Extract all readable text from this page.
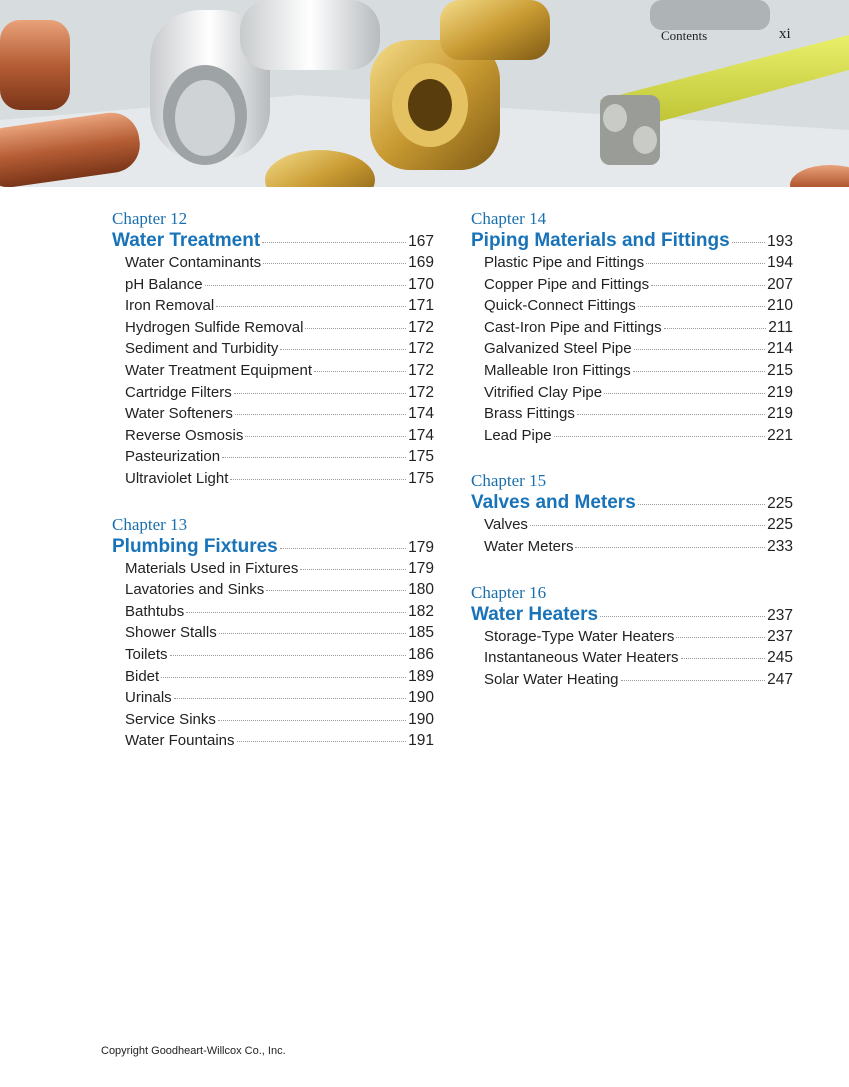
Contents	xi
Chapter 12
Water Treatment	167
Water Contaminants	169
pH Balance	170
Iron Removal	171
Hydrogen Sulfide Removal	172
Sediment and Turbidity	172
Water Treatment Equipment	172
Cartridge Filters	172
Water Softeners	174
Reverse Osmosis	174
Pasteurization	175
Ultraviolet Light	175
Chapter 13
Plumbing Fixtures	179
Materials Used in Fixtures	179
Lavatories and Sinks	180
Bathtubs	182
Shower Stalls	185
Toilets	186
Bidet	189
Urinals	190
Service Sinks	190
Water Fountains	191
Chapter 14
Piping Materials and Fittings 193
Plastic Pipe and Fittings	194
Copper Pipe and Fittings	207
Quick-Connect Fittings	210
Cast-Iron Pipe and Fittings	211
Galvanized Steel Pipe	214
Malleable Iron Fittings	215
Vitrified Clay Pipe	219
Brass Fittings	219
Lead Pipe	221
Chapter 15
Valves and Meters	225
Valves	225
Water Meters	233
Chapter 16
Water Heaters	237
Storage-Type Water Heaters	237
Instantaneous Water Heaters	245
Solar Water Heating	247
Copyright Goodheart-Willcox Co., Inc.
